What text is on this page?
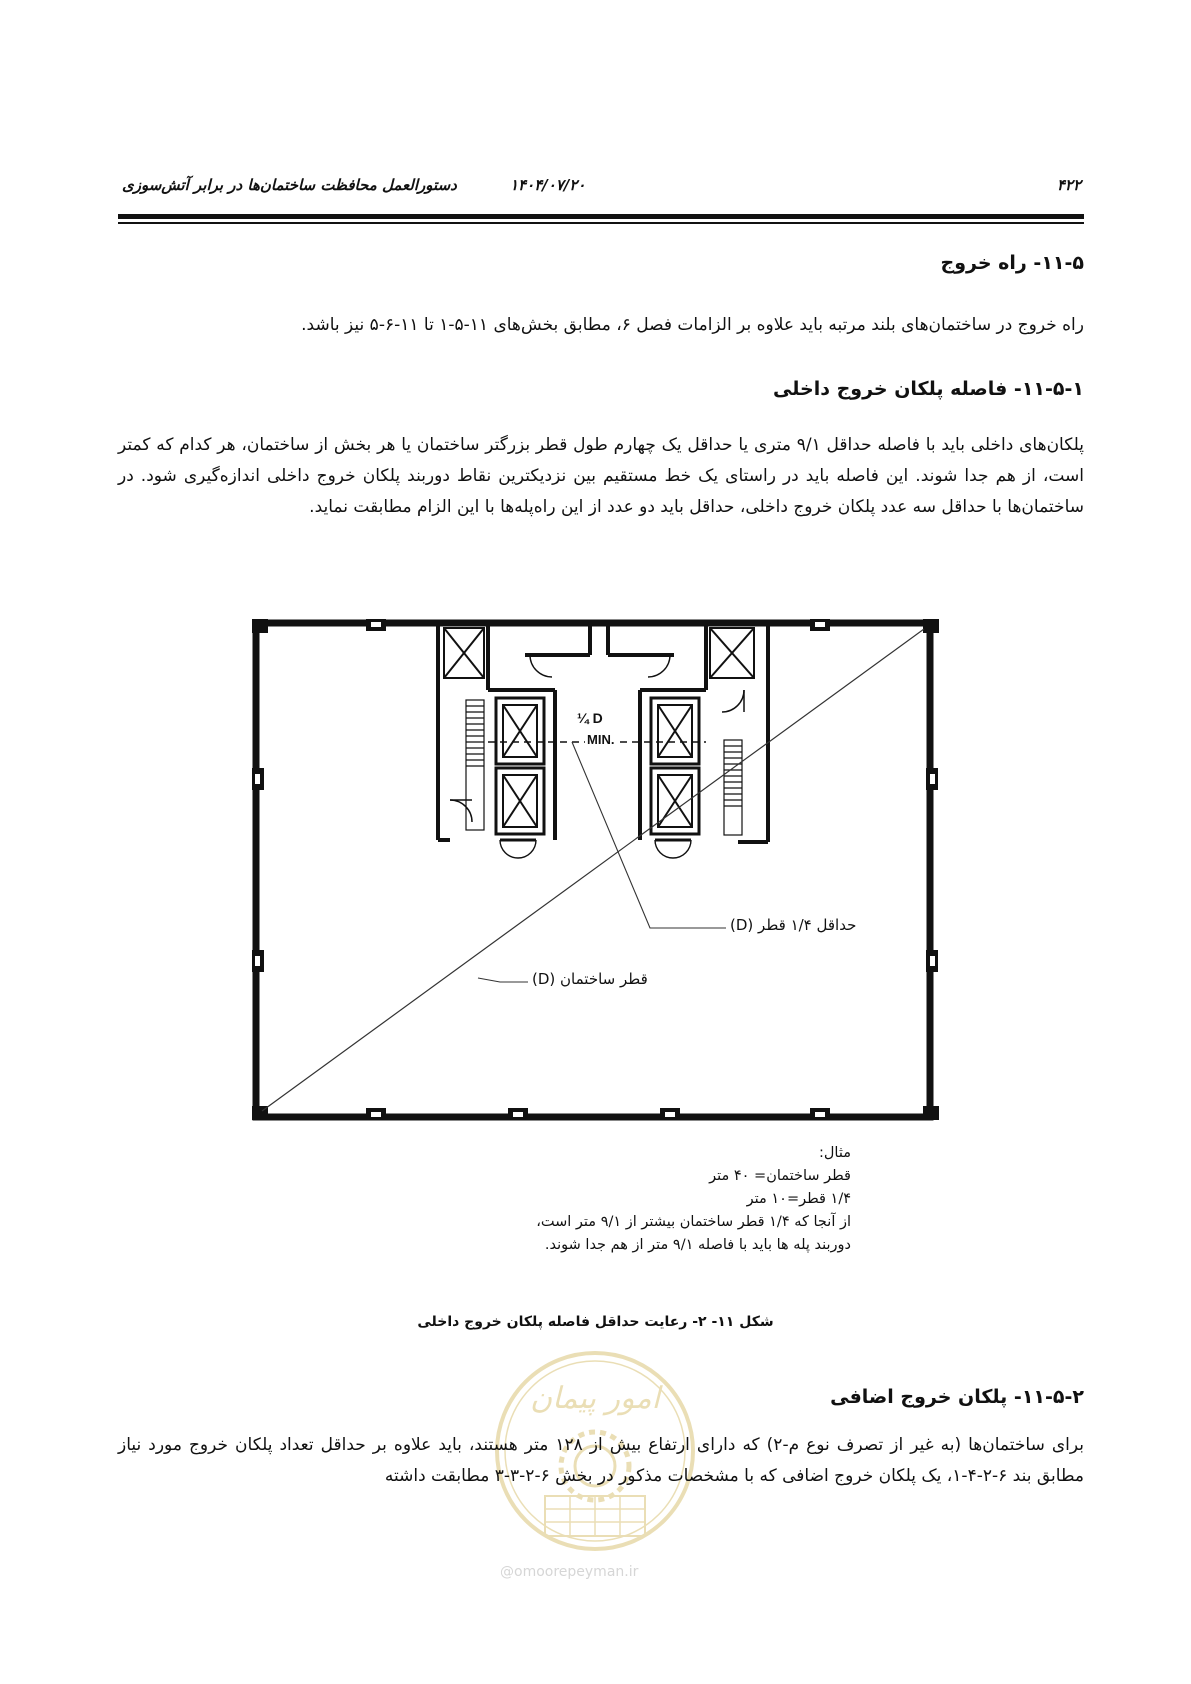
۴۲۲
۱۴۰۴/۰۷/۲۰
دستورالعمل محافظت ساختمان‌ها در برابر آتش‌سوزی
۱۱-۵- راه خروج
راه خروج در ساختمان‌های بلند مرتبه باید علاوه بر الزامات فصل ۶، مطابق بخش‌های ۱۱-۵-۱ تا ۱۱-۶-۵ نیز باشد.
۱۱-۵-۱- فاصله پلکان خروج داخلی
پلکان‌های داخلی باید با فاصله حداقل ۹/۱ متری یا حداقل یک چهارم طول قطر بزرگتر ساختمان یا هر بخش از ساختمان، هر کدام که کمتر است، از هم جدا شوند. این فاصله باید در راستای یک خط مستقیم بین نزدیکترین نقاط دوربند پلکان خروج داخلی اندازه‌گیری شود. در ساختمان‌ها با حداقل سه عدد پلکان خروج داخلی، حداقل باید دو عدد از این راه‌پله‌ها با این الزام مطابقت نماید.
¼ D
MIN.
حداقل ۱/۴ قطر (D)
قطر ساختمان (D)
مثال:
قطر ساختمان= ۴۰ متر
۱/۴ قطر=۱۰ متر
از آنجا که ۱/۴ قطر ساختمان بیشتر از ۹/۱ متر است،
دوربند پله ها باید با فاصله ۹/۱ متر از هم جدا شوند.
شکل ۱۱- ۲- رعایت حداقل فاصله پلکان خروج داخلی
امور پیمان
@omoorepeyman.ir
۱۱-۵-۲- پلکان خروج اضافی
برای ساختمان‌ها (به غیر از تصرف نوع م-۲) که دارای ارتفاع بیش از ۱۲۸ متر هستند، باید علاوه بر حداقل تعداد پلکان خروج مورد نیاز مطابق بند ۶-۲-۴-۱، یک پلکان خروج اضافی که با مشخصات مذکور در بخش ۶-۲-۳-۳ مطابقت داشته
